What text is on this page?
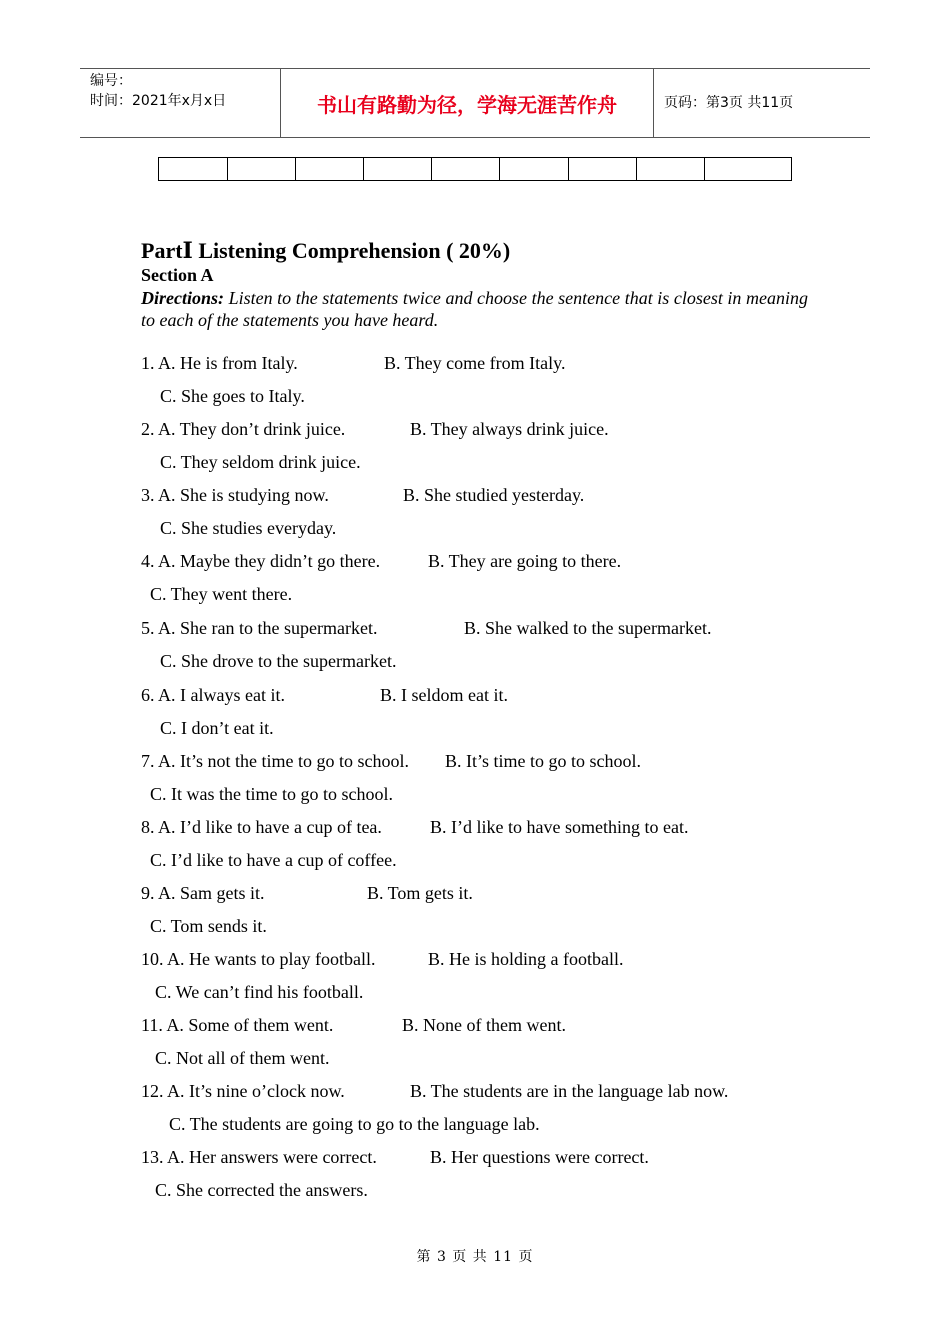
编号：
时间：2021年x月x日	书山有路勤为径，学海无涯苦作舟	页码：第3页 共11页
PartⅠ Listening Comprehension ( 20%)
Section A
Directions: Listen to the statements twice and choose the sentence that is closest in meaning to each of the statements you have heard.
1. A. He is from Italy.	B. They come from Italy.
C. She goes to Italy.
2. A. They don’t drink juice.	B. They always drink juice.
C. They seldom drink juice.
3. A. She is studying now.	B. She studied yesterday.
C. She studies everyday.
4. A. Maybe they didn’t go there.	B. They are going to there.
C. They went there.
5. A. She ran to the supermarket.	B. She walked to the supermarket.
C. She drove to the supermarket.
6. A. I always eat it.	B. I seldom eat it.
C. I don’t eat it.
7. A. It’s not the time to go to school. B. It’s time to go to school.
C. It was the time to go to school.
8. A. I’d like to have a cup of tea.	B. I’d like to have something to eat.
C. I’d like to have a cup of coffee.
9. A. Sam gets it.	B. Tom gets it.
C. Tom sends it.
10. A. He wants to play football.	B. He is holding a football.
C. We can’t find his football.
11. A. Some of them went.	B. None of them went.
C. Not all of them went.
12. A. It’s nine o’clock now.	B. The students are in the language lab now.
C. The students are going to go to the language lab.
13. A. Her answers were correct.	B. Her questions were correct.
C. She corrected the answers.
第 3 页 共 11 页
